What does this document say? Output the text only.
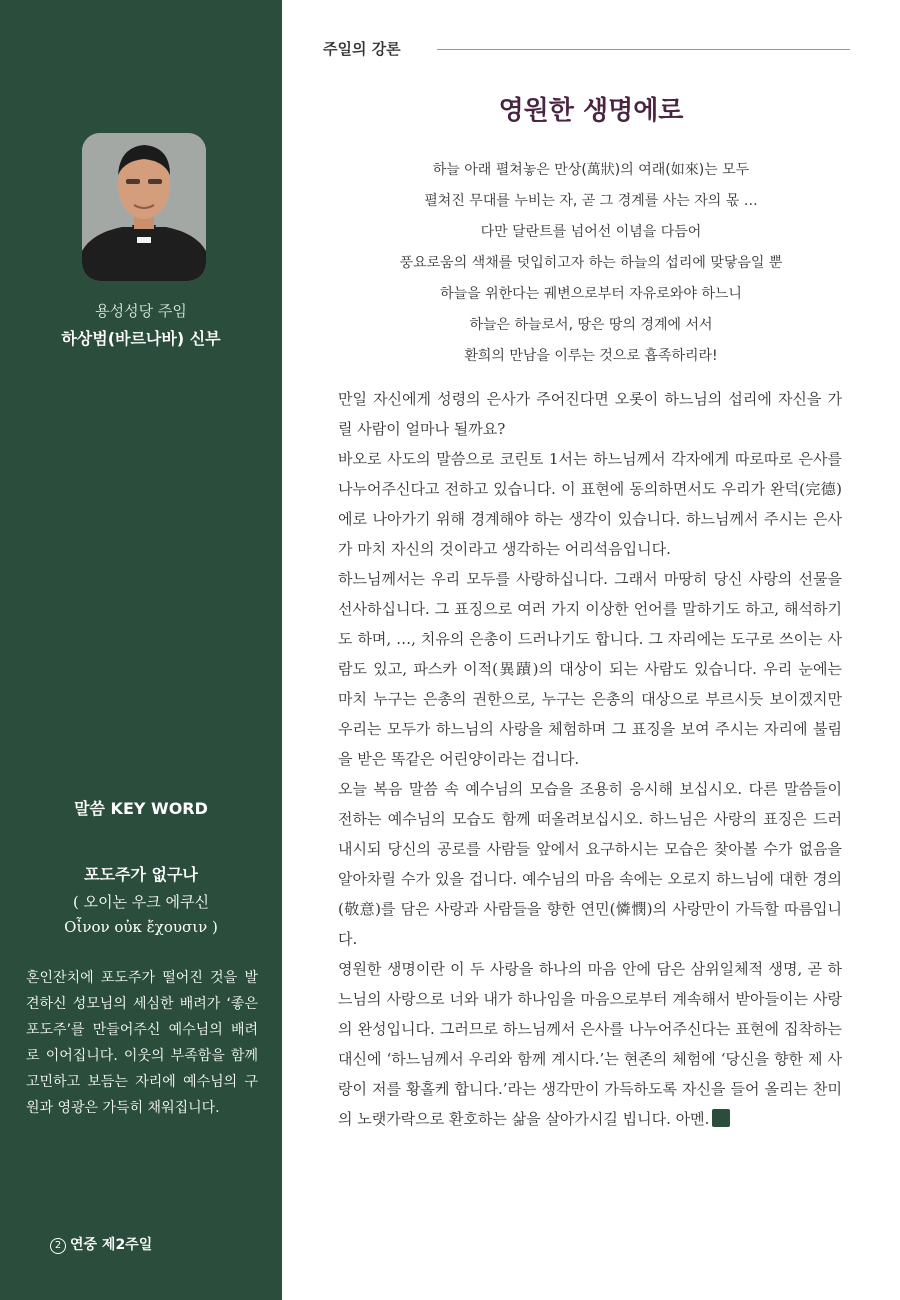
용성성당 주임
하상범(바르나바) 신부
말씀 KEY WORD
포도주가 없구나
( 오이논 우크 에쿠신
Οἶνον οὐκ ἔχουσιν )
혼인잔치에 포도주가 떨어진 것을 발견하신 성모님의 세심한 배려가 ‘좋은 포도주’를 만들어주신 예수님의 배려로 이어집니다. 이웃의 부족함을 함께 고민하고 보듬는 자리에 예수님의 구원과 영광은 가득히 채워집니다.
2 연중 제2주일
주일의 강론
영원한 생명에로
하늘 아래 펼쳐놓은 만상(萬狀)의 여래(如來)는 모두
펼쳐진 무대를 누비는 자, 곧 그 경계를 사는 자의 몫 …
다만 달란트를 넘어선 이념을 다듬어
풍요로움의 색채를 덧입히고자 하는 하늘의 섭리에 맞닿음일 뿐
하늘을 위한다는 궤변으로부터 자유로와야 하느니
하늘은 하늘로서, 땅은 땅의 경계에 서서
환희의 만남을 이루는 것으로 흡족하리라!

만일 자신에게 성령의 은사가 주어진다면 오롯이 하느님의 섭리에 자신을 가릴 사람이 얼마나 될까요?

바오로 사도의 말씀으로 코린토 1서는 하느님께서 각자에게 따로따로 은사를 나누어주신다고 전하고 있습니다. 이 표현에 동의하면서도 우리가 완덕(完德)에로 나아가기 위해 경계해야 하는 생각이 있습니다. 하느님께서 주시는 은사가 마치 자신의 것이라고 생각하는 어리석음입니다.

하느님께서는 우리 모두를 사랑하십니다. 그래서 마땅히 당신 사랑의 선물을 선사하십니다. 그 표징으로 여러 가지 이상한 언어를 말하기도 하고, 해석하기도 하며, …, 치유의 은총이 드러나기도 합니다. 그 자리에는 도구로 쓰이는 사람도 있고, 파스카 이적(異蹟)의 대상이 되는 사람도 있습니다. 우리 눈에는 마치 누구는 은총의 권한으로, 누구는 은총의 대상으로 부르시듯 보이겠지만 우리는 모두가 하느님의 사랑을 체험하며 그 표징을 보여 주시는 자리에 불림을 받은 똑같은 어린양이라는 겁니다.

오늘 복음 말씀 속 예수님의 모습을 조용히 응시해 보십시오. 다른 말씀들이 전하는 예수님의 모습도 함께 떠올려보십시오. 하느님은 사랑의 표징은 드러내시되 당신의 공로를 사람들 앞에서 요구하시는 모습은 찾아볼 수가 없음을 알아차릴 수가 있을 겁니다. 예수님의 마음 속에는 오로지 하느님에 대한 경의(敬意)를 담은 사랑과 사람들을 향한 연민(憐憫)의 사랑만이 가득할 따름입니다.

영원한 생명이란 이 두 사랑을 하나의 마음 안에 담은 삼위일체적 생명, 곧 하느님의 사랑으로 너와 내가 하나임을 마음으로부터 계속해서 받아들이는 사랑의 완성입니다. 그러므로 하느님께서 은사를 나누어주신다는 표현에 집착하는 대신에 ‘하느님께서 우리와 함께 계시다.’는 현존의 체험에 ‘당신을 향한 제 사랑이 저를 황홀케 합니다.’라는 생각만이 가득하도록 자신을 들어 올리는 찬미의 노랫가락으로 환호하는 삶을 살아가시길 빕니다. 아멘.
